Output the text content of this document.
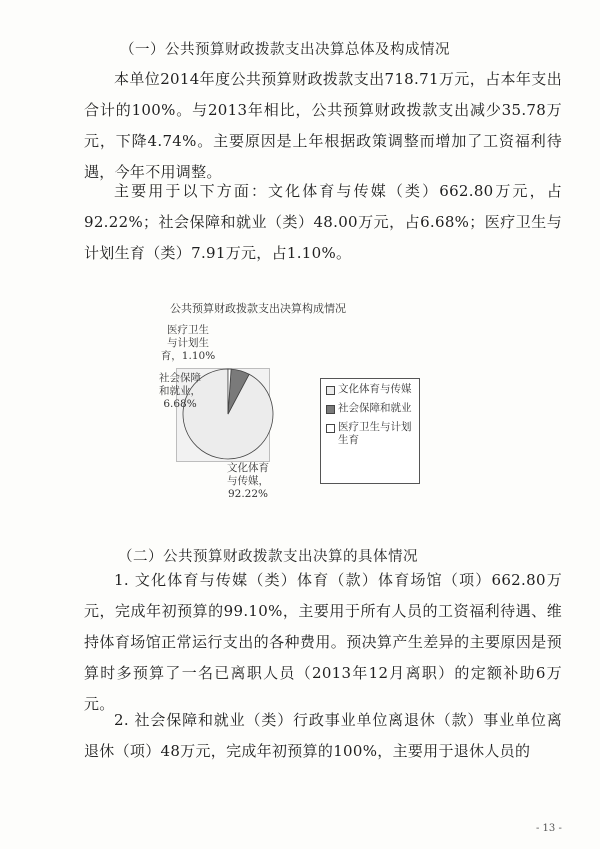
（一）公共预算财政拨款支出决算总体及构成情况

本单位2014年度公共预算财政拨款支出718.71万元，占本年支出合计的100%。与2013年相比，公共预算财政拨款支出减少35.78万元，下降4.74%。主要原因是上年根据政策调整而增加了工资福利待遇，今年不用调整。

主要用于以下方面：文化体育与传媒（类）662.80万元，占92.22%；社会保障和就业（类）48.00万元，占6.68%；医疗卫生与计划生育（类）7.91万元，占1.10%。

公共预算财政拨款支出决算构成情况
医疗卫生
与计划生
育，1.10%
社会保障
和就业，
6.68%
文化体育
与传媒，
92.22%
文化体育与传媒
社会保障和就业
医疗卫生与计划生育
（二）公共预算财政拨款支出决算的具体情况

1. 文化体育与传媒（类）体育（款）体育场馆（项）662.80万元，完成年初预算的99.10%，主要用于所有人员的工资福利待遇、维持体育场馆正常运行支出的各种费用。预决算产生差异的主要原因是预算时多预算了一名已离职人员（2013年12月离职）的定额补助6万元。

2. 社会保障和就业（类）行政事业单位离退休（款）事业单位离退休（项）48万元，完成年初预算的100%，主要用于退休人员的

- 13 -
